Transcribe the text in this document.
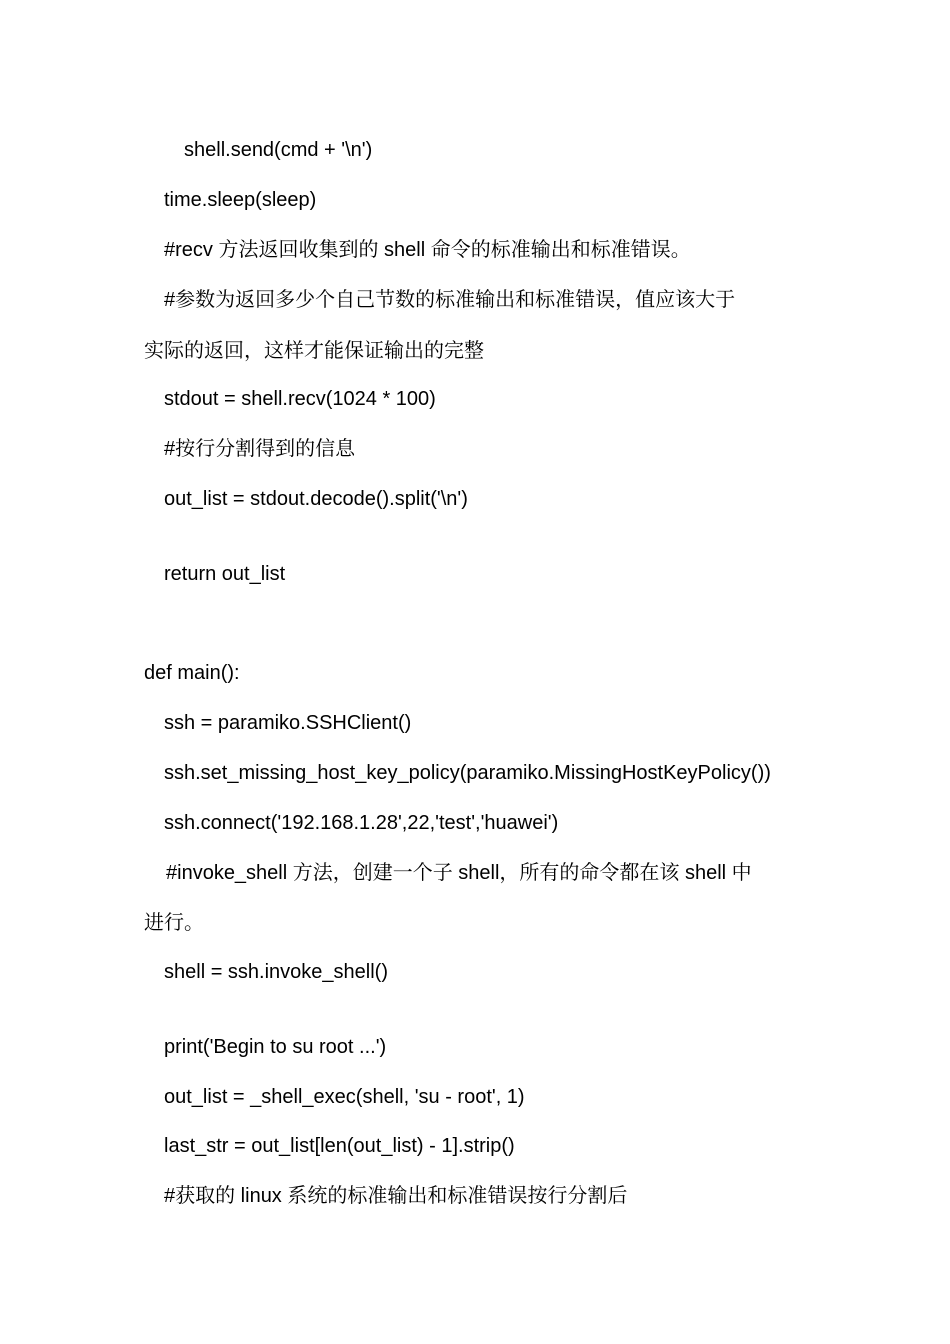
shell.send(cmd + '\n')
time.sleep(sleep)
#recv 方法返回收集到的 shell 命令的标准输出和标准错误。
#参数为返回多少个自己节数的标准输出和标准错误，值应该大于
实际的返回，这样才能保证输出的完整
stdout = shell.recv(1024 * 100)
#按行分割得到的信息
out_list = stdout.decode().split('\n')
return out_list
def main():
ssh = paramiko.SSHClient()
ssh.set_missing_host_key_policy(paramiko.MissingHostKeyPolicy())
ssh.connect('192.168.1.28',22,'test','huawei')
#invoke_shell 方法，创建一个子 shell，所有的命令都在该 shell 中
进行。
shell = ssh.invoke_shell()
print('Begin to su root ...')
out_list = _shell_exec(shell, 'su - root', 1)
last_str = out_list[len(out_list) - 1].strip()
#获取的 linux 系统的标准输出和标准错误按行分割后
